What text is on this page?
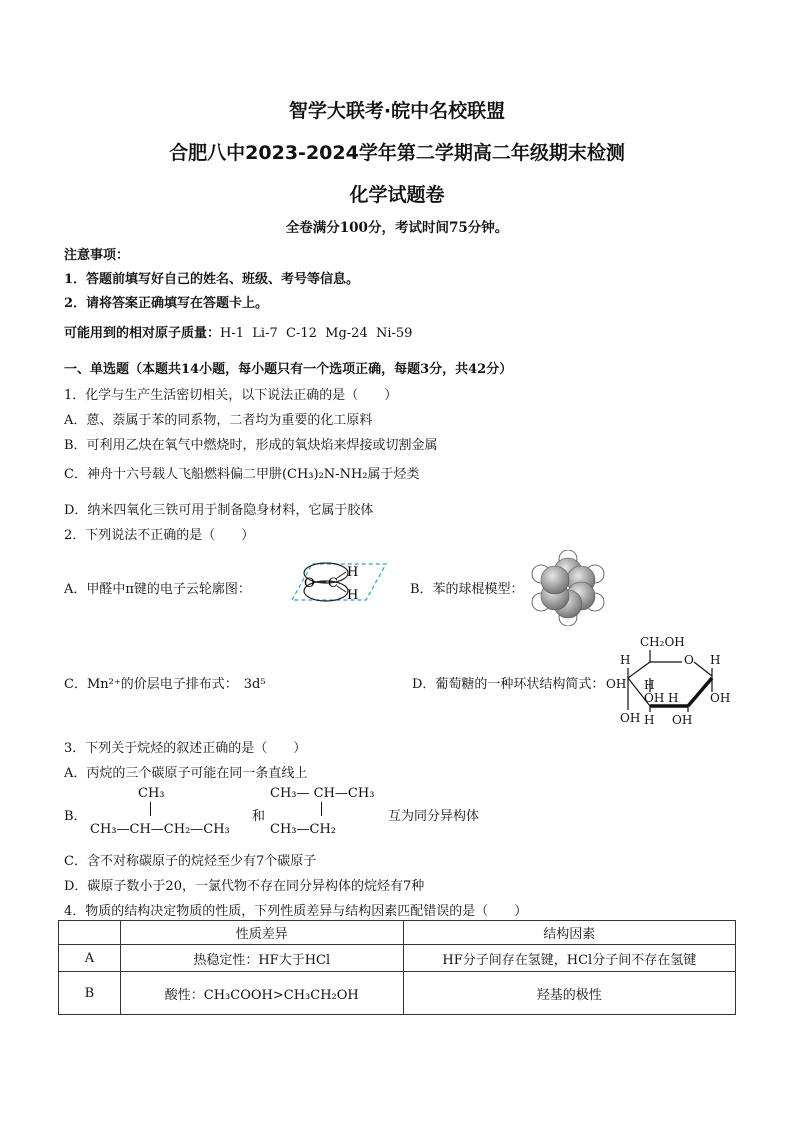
智学大联考·皖中名校联盟
合肥八中2023-2024学年第二学期高二年级期末检测
化学试题卷
全卷满分100分，考试时间75分钟。
注意事项：
1．答题前填写好自己的姓名、班级、考号等信息。
2．请将答案正确填写在答题卡上。
可能用到的相对原子质量：H-1  Li-7  C-12  Mg-24  Ni-59
一、单选题（本题共14小题，每小题只有一个选项正确，每题3分，共42分）
1．化学与生产生活密切相关，以下说法正确的是（　　）
A．蒽、萘属于苯的同系物，二者均为重要的化工原料
B．可利用乙炔在氧气中燃烧时，形成的氧炔焰来焊接或切割金属
C．神舟十六号载人飞船燃料偏二甲肼(CH₃)₂N-NH₂属于烃类
D．纳米四氧化三铁可用于制备隐身材料，它属于胶体
2．下列说法不正确的是（　　）
A．甲醛中π键的电子云轮廓图：	O C
H
H	B．苯的球棍模型：
C．Mn²⁺的价层电子排布式： 3d⁵	D．葡萄糖的一种环状结构简式：
CH₂OH
O
H	H
H
OH
OH H	OH
OH H OH
3．下列关于烷烃的叙述正确的是（　　）
A．丙烷的三个碳原子可能在同一条直线上
B．
CH₃
CH₃—CH—CH₂—CH₃
和
CH₃— CH—CH₃
CH₃—CH₂
互为同分异构体
C．含不对称碳原子的烷烃至少有7个碳原子
D．碳原子数小于20，一氯代物不存在同分异构体的烷烃有7种
4．物质的结构决定物质的性质，下列性质差异与结构因素匹配错误的是（　　）
	性质差异	结构因素
A	热稳定性：HF大于HCl	HF分子间存在氢键，HCl分子间不存在氢键
B	酸性：CH₃COOH>CH₃CH₂OH	羟基的极性
